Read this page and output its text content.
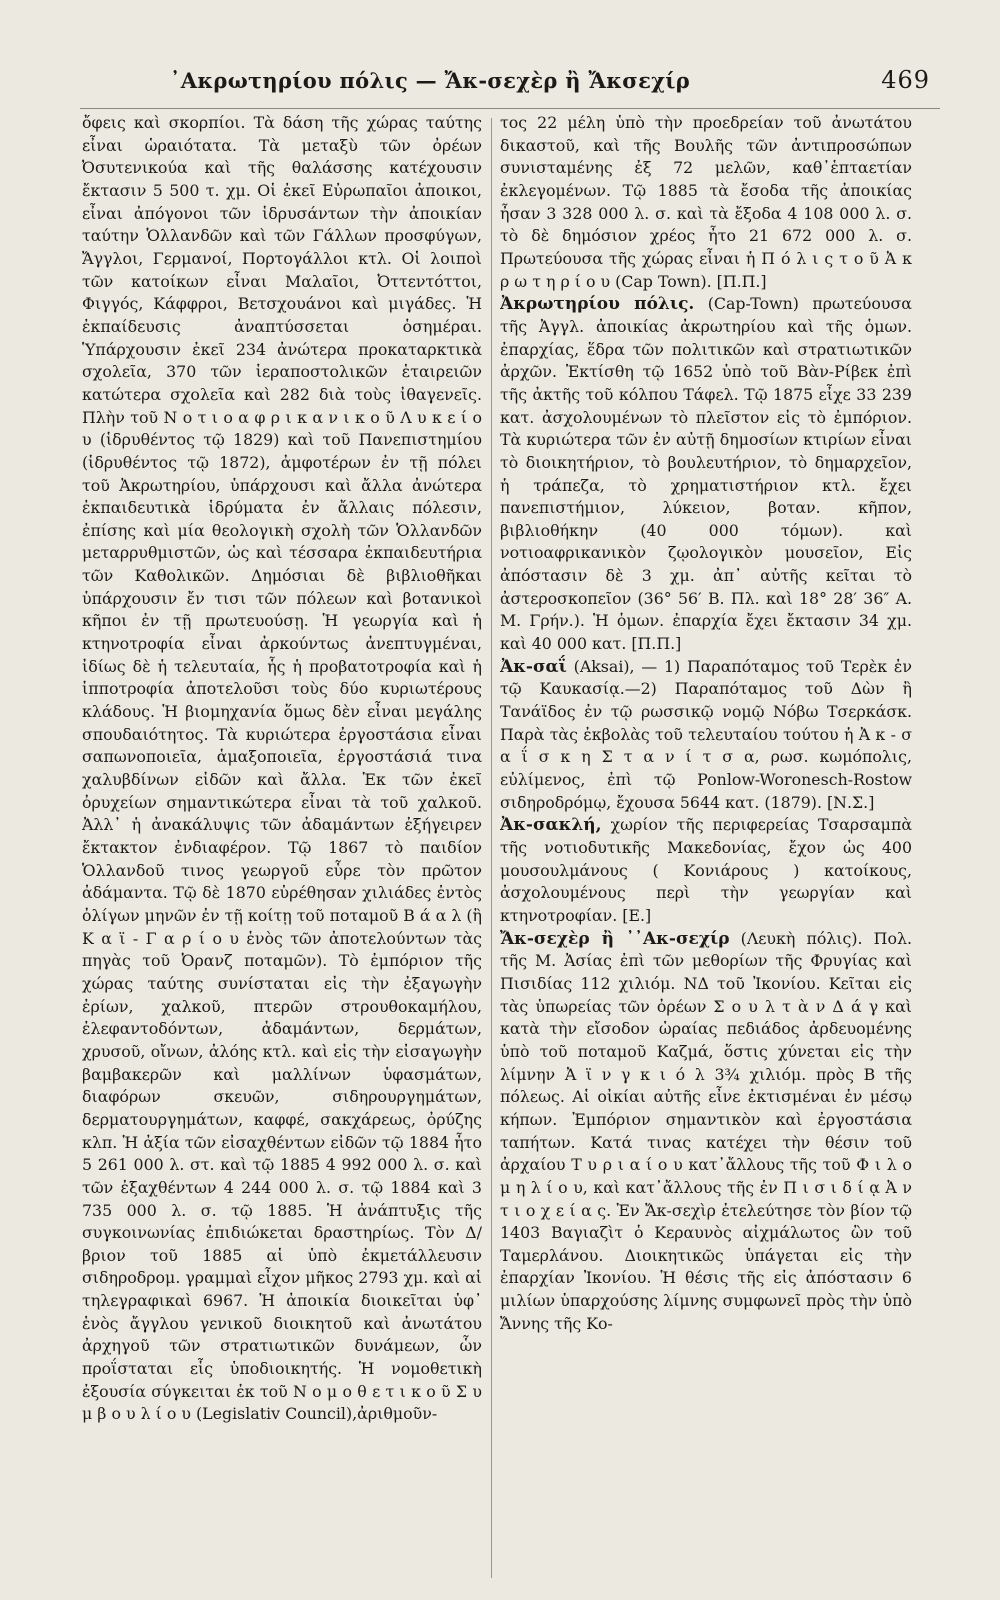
᾿Ακρωτηρίου πόλις — Ἄκ-σεχὲρ ἢ Ἄκσεχίρ	469

ὄφεις καὶ σκορπίοι. Τὰ δάση τῆς χώρας ταύτης εἶναι ὡραιότατα. Τὰ μεταξὺ τῶν ὀρέων Ὀσυτενικούα καὶ τῆς θαλάσσης κατέχουσιν ἔκτασιν 5 500 τ. χμ. Οἱ ἐκεῖ Εὐρωπαῖοι ἀποικοι, εἶναι ἀπόγονοι τῶν ἱδρυσάντων τὴν ἀποικίαν ταύτην Ὁλλανδῶν καὶ τῶν Γάλλων προσφύγων, Ἄγγλοι, Γερμανοί, Πορτογάλλοι κτλ. Οἱ λοιποὶ τῶν κατοίκων εἶναι Μαλαῖοι, Ὀττεντόττοι, Φιγγός, Κάφφροι, Βετσχουάνοι καὶ μιγάδες. Ἡ ἐκπαίδευσις ἀναπτύσσεται ὁσημέραι. Ὑπάρχουσιν ἐκεῖ 234 ἀνώτερα προκαταρκτικὰ σχολεῖα, 370 τῶν ἱεραποστολικῶν ἑταιρειῶν κατώτερα σχολεῖα καὶ 282 διὰ τοὺς ἰθαγενεῖς. Πλὴν τοῦ Ν ο τ ι ο α φ ρ ι κ α ν ι κ ο ῦ Λ υ κ ε ί ο υ (ἱδρυθέντος τῷ 1829) καὶ τοῦ Πανεπιστημίου (ἱδρυθέντος τῷ 1872), ἀμφοτέρων ἐν τῇ πόλει τοῦ Ἀκρωτηρίου, ὑπάρχουσι καὶ ἄλλα ἀνώτερα ἐκπαιδευτικὰ ἱδρύματα ἐν ἄλλαις πόλεσιν, ἐπίσης καὶ μία θεολογικὴ σχολὴ τῶν Ὁλλανδῶν μεταρρυθμιστῶν, ὡς καὶ τέσσαρα ἐκπαιδευτήρια τῶν Καθολικῶν. Δημόσιαι δὲ βιβλιοθῆκαι ὑπάρχουσιν ἔν τισι τῶν πόλεων καὶ βοτανικοὶ κῆποι ἐν τῇ πρωτευούσῃ. Ἡ γεωργία καὶ ἡ κτηνοτροφία εἶναι ἀρκούντως ἀνεπτυγμέναι, ἰδίως δὲ ἡ τελευταία, ἧς ἡ προβατοτροφία καὶ ἡ ἱπποτροφία ἀποτελοῦσι τοὺς δύο κυριωτέρους κλάδους. Ἡ βιομηχανία ὅμως δὲν εἶναι μεγάλης σπουδαιότητος. Τὰ κυριώτερα ἐργοστάσια εἶναι σαπωνοποιεῖα, ἁμαξοποιεῖα, ἐργοστάσιά τινα χαλυβδίνων εἰδῶν καὶ ἄλλα. Ἐκ τῶν ἐκεῖ ὀρυχείων σημαντικώτερα εἶναι τὰ τοῦ χαλκοῦ. Ἀλλ᾽ ἡ ἀνακάλυψις τῶν ἀδαμάντων ἐξήγειρεν ἔκτακτον ἐνδιαφέρον. Τῷ 1867 τὸ παιδίον Ὁλλανδοῦ τινος γεωργοῦ εὗρε τὸν πρῶτον ἀδάμαντα. Τῷ δὲ 1870 εὑρέθησαν χιλιάδες ἐντὸς ὀλίγων μηνῶν ἐν τῇ κοίτῃ τοῦ ποταμοῦ Β ά α λ (ἢ Κ α ϊ - Γ α ρ ί ο υ ἑνὸς τῶν ἀποτελούντων τὰς πηγὰς τοῦ Ὀρανζ ποταμῶν). Τὸ ἐμπόριον τῆς χώρας ταύτης συνίσταται εἰς τὴν ἐξαγωγὴν ἐρίων, χαλκοῦ, πτερῶν στρουθοκαμήλου, ἐλεφαντοδόντων, ἀδαμάντων, δερμάτων, χρυσοῦ, οἴνων, ἀλόης κτλ. καὶ εἰς τὴν εἰσαγωγὴν βαμβακερῶν καὶ μαλλίνων ὑφασμάτων, διαφόρων σκευῶν, σιδηρουργημάτων, δερματουργημάτων, καφφέ, σακχάρεως, ὀρύζης κλπ. Ἡ ἀξία τῶν εἰσαχθέντων εἰδῶν τῷ 1884 ἦτο 5 261 000 λ. στ. καὶ τῷ 1885 4 992 000 λ. σ. καὶ τῶν ἐξαχθέντων 4 244 000 λ. σ. τῷ 1884 καὶ 3 735 000 λ. σ. τῷ 1885. Ἡ ἀνάπτυξις τῆς συγκοινωνίας ἐπιδιώκεται δραστηρίως. Τὸν Δ/βριον τοῦ 1885 αἱ ὑπὸ ἐκμετάλλευσιν σιδηροδρομ. γραμμαὶ εἶχον μῆκος 2793 χμ. καὶ αἱ τηλεγραφικαὶ 6967. Ἡ ἀποικία διοικεῖται ὑφ᾽ ἑνὸς ἄγγλου γενικοῦ διοικητοῦ καὶ ἀνωτάτου ἀρχηγοῦ τῶν στρατιωτικῶν δυνάμεων, ὧν προΐσταται εἷς ὑποδιοικητής. Ἡ νομοθετικὴ ἐξουσία σύγκειται ἐκ τοῦ Ν ο μ ο θ ε τ ι κ ο ῦ Σ υ μ β ο υ λ ί ο υ (Legislativ Council),ἀριθμοῦν-

τος 22 μέλη ὑπὸ τὴν προεδρείαν τοῦ ἀνωτάτου δικαστοῦ, καὶ τῆς Βουλῆς τῶν ἀντιπροσώπων συνισταμένης ἐξ 72 μελῶν, καθ᾽ἑπταετίαν ἐκλεγομένων. Τῷ 1885 τὰ ἔσοδα τῆς ἀποικίας ἦσαν 3 328 000 λ. σ. καὶ τὰ ἔξοδα 4 108 000 λ. σ. τὸ δὲ δημόσιον χρέος ἦτο 21 672 000 λ. σ. Πρωτεύουσα τῆς χώρας εἶναι ἡ Π ό λ ι ς τ ο ῦ Ἀ κ ρ ω τ η ρ ί ο υ (Cap Town). [Π.Π.]

Ἀκρωτηρίου πόλις. (Cap-Town) πρωτεύουσα τῆς Ἀγγλ. ἀποικίας ἀκρωτηρίου καὶ τῆς ὁμων. ἐπαρχίας, ἕδρα τῶν πολιτικῶν καὶ στρατιωτικῶν ἀρχῶν. Ἐκτίσθη τῷ 1652 ὑπὸ τοῦ Βὰν-Ρίβεκ ἐπὶ τῆς ἀκτῆς τοῦ κόλπου Τάφελ. Τῷ 1875 εἶχε 33 239 κατ. ἀσχολουμένων τὸ πλεῖστον εἰς τὸ ἐμπόριον. Τὰ κυριώτερα τῶν ἐν αὐτῇ δημοσίων κτιρίων εἶναι τὸ διοικητήριον, τὸ βουλευτήριον, τὸ δημαρχεῖον, ἡ τράπεζα, τὸ χρηματιστήριον κτλ. ἔχει πανεπιστήμιον, λύκειον, βοταν. κῆπον, βιβλιοθήκην (40 000 τόμων). καὶ νοτιοαφρικανικὸν ζῳολογικὸν μουσεῖον, Εἰς ἀπόστασιν δὲ 3 χμ. ἀπ᾽ αὐτῆς κεῖται τὸ ἀστεροσκοπεῖον (36° 56′ Β. Πλ. καὶ 18° 28′ 36″ Α. Μ. Γρήν.). Ἡ ὁμων. ἐπαρχία ἔχει ἔκτασιν 34 χμ. καὶ 40 000 κατ. [Π.Π.]

Ἀκ-σαΐ (Aksai), — 1) Παραπόταμος τοῦ Τερὲκ ἐν τῷ Καυκασίᾳ.—2) Παραπόταμος τοῦ Δὼν ἢ Τανάϊδος ἐν τῷ ρωσσικῷ νομῷ Νόβω Τσερκάσκ. Παρὰ τὰς ἐκβολὰς τοῦ τελευταίου τούτου ἡ Ἀ κ - σ α ΐ σ κ η Σ τ α ν ί τ σ α, ρωσ. κωμόπολις, εὐλίμενος, ἐπὶ τῷ Ponlow-Woronesch-Rostow σιδηροδρόμῳ, ἔχουσα 5644 κατ. (1879). [Ν.Σ.]

Ἀκ-σακλή, χωρίον τῆς περιφερείας Τσαρσαμπὰ τῆς νοτιοδυτικῆς Μακεδονίας, ἔχον ὡς 400 μουσουλμάνους ( Κονιάρους ) κατοίκους, ἀσχολουμένους περὶ τὴν γεωργίαν καὶ κτηνοτροφίαν. [Ε.]

Ἄκ-σεχὲρ ἢ ᾿᾿Ακ-σεχίρ (Λευκὴ πόλις). Πολ. τῆς Μ. Ἀσίας ἐπὶ τῶν μεθορίων τῆς Φρυγίας καὶ Πισιδίας 112 χιλιόμ. ΝΔ τοῦ Ἰκονίου. Κεῖται εἰς τὰς ὑπωρείας τῶν ὀρέων Σ ο υ λ τ ὰ ν Δ ά γ καὶ κατὰ τὴν εἴσοδον ὡραίας πεδιάδος ἀρδευομένης ὑπὸ τοῦ ποταμοῦ Καζμά, ὅστις χύνεται εἰς τὴν λίμνην Ἀ ϊ ν γ κ ι ό λ 3¾ χιλιόμ. πρὸς Β τῆς πόλεως. Αἱ οἰκίαι αὐτῆς εἶνε ἐκτισμέναι ἐν μέσῳ κήπων. Ἐμπόριον σημαντικὸν καὶ ἐργοστάσια ταπήτων. Κατά τινας κατέχει τὴν θέσιν τοῦ ἀρχαίου Τ υ ρ ι α ί ο υ κατ᾽ἄλλους τῆς τοῦ Φ ι λ ο μ η λ ί ο υ, καὶ κατ᾽ἄλλους τῆς ἐν Π ι σ ι δ ί ᾳ Ἀ ν τ ι ο χ ε ί α ς. Ἐν Ἄκ-σεχὶρ ἐτελεύτησε τὸν βίον τῷ 1403 Βαγιαζὶτ ὁ Κεραυνὸς αἰχμάλωτος ὢν τοῦ Ταμερλάνου. Διοικητικῶς ὑπάγεται εἰς τὴν ἐπαρχίαν Ἰκονίου. Ἡ θέσις τῆς εἰς ἀπόστασιν 6 μιλίων ὑπαρχούσης λίμνης συμφωνεῖ πρὸς τὴν ὑπὸ Ἄννης τῆς Κο-
